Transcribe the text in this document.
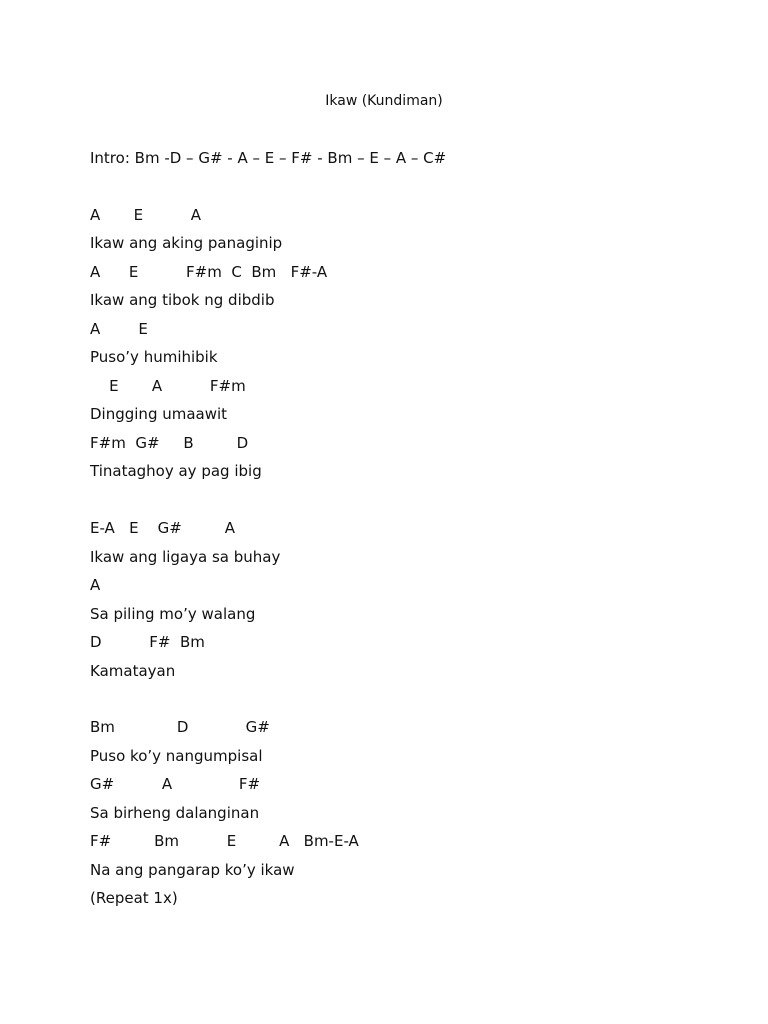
Ikaw (Kundiman)
Intro: Bm -D – G# - A – E – F# - Bm – E – A – C#
A       E          A
Ikaw ang aking panaginip
A      E          F#m  C  Bm   F#-A
Ikaw ang tibok ng dibdib
A        E
Puso’y humihibik
E       A          F#m
Dingging umaawit
F#m  G#     B         D
Tinataghoy ay pag ibig
E-A   E    G#         A
Ikaw ang ligaya sa buhay
A
Sa piling mo’y walang
D          F#  Bm
Kamatayan
Bm             D            G#
Puso ko’y nangumpisal
G#          A              F#
Sa birheng dalanginan
F#         Bm          E         A   Bm-E-A
Na ang pangarap ko’y ikaw
(Repeat 1x)
